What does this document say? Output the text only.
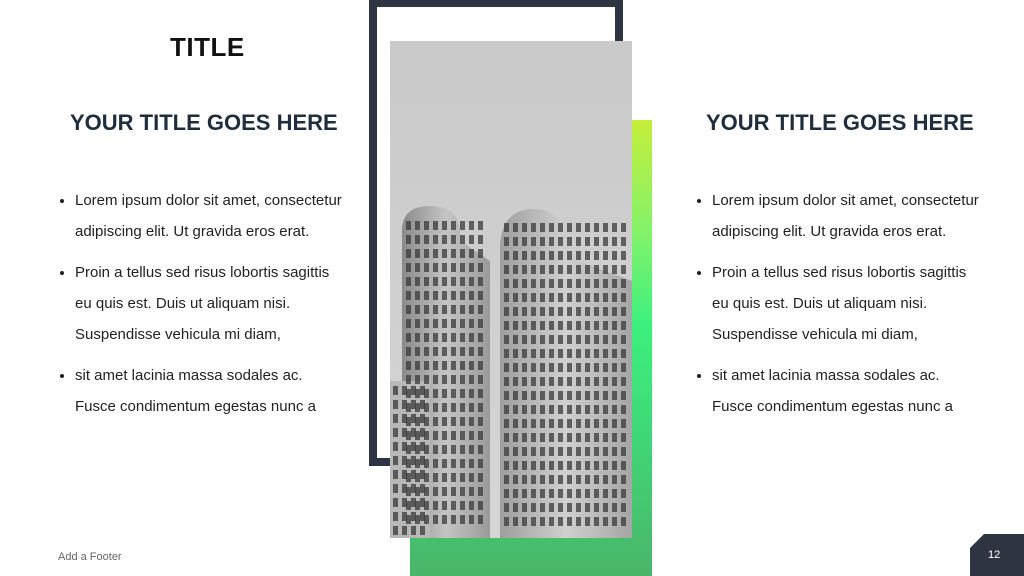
TITLE
YOUR TITLE GOES HERE
• Lorem ipsum dolor sit amet, consectetur adipiscing elit. Ut gravida eros erat.
• Proin a tellus sed risus lobortis sagittis eu quis est. Duis ut aliquam nisi. Suspendisse vehicula mi diam,
• sit amet lacinia massa sodales ac. Fusce condimentum egestas nunc a
YOUR TITLE GOES HERE
• Lorem ipsum dolor sit amet, consectetur adipiscing elit. Ut gravida eros erat.
• Proin a tellus sed risus lobortis sagittis eu quis est. Duis ut aliquam nisi. Suspendisse vehicula mi diam,
• sit amet lacinia massa sodales ac. Fusce condimentum egestas nunc a
Add a Footer	12
